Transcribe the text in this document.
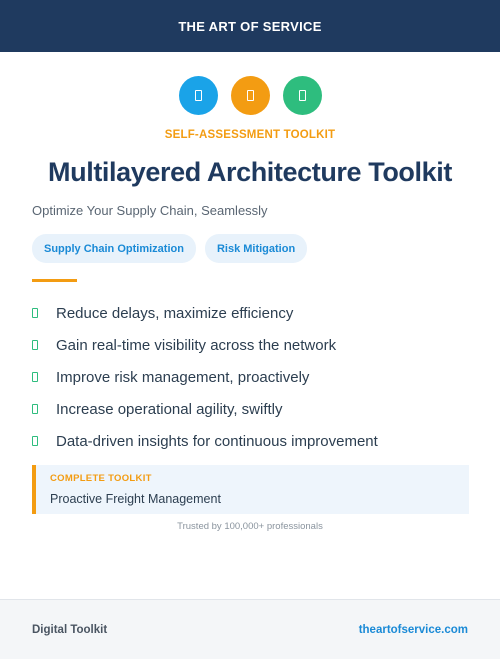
THE ART OF SERVICE
SELF-ASSESSMENT TOOLKIT
Multilayered Architecture Toolkit
Optimize Your Supply Chain, Seamlessly
Supply Chain Optimization	Risk Mitigation
Reduce delays, maximize efficiency
Gain real-time visibility across the network
Improve risk management, proactively
Increase operational agility, swiftly
Data-driven insights for continuous improvement
COMPLETE TOOLKIT
Proactive Freight Management
Trusted by 100,000+ professionals
Digital Toolkit	theartofservice.com
